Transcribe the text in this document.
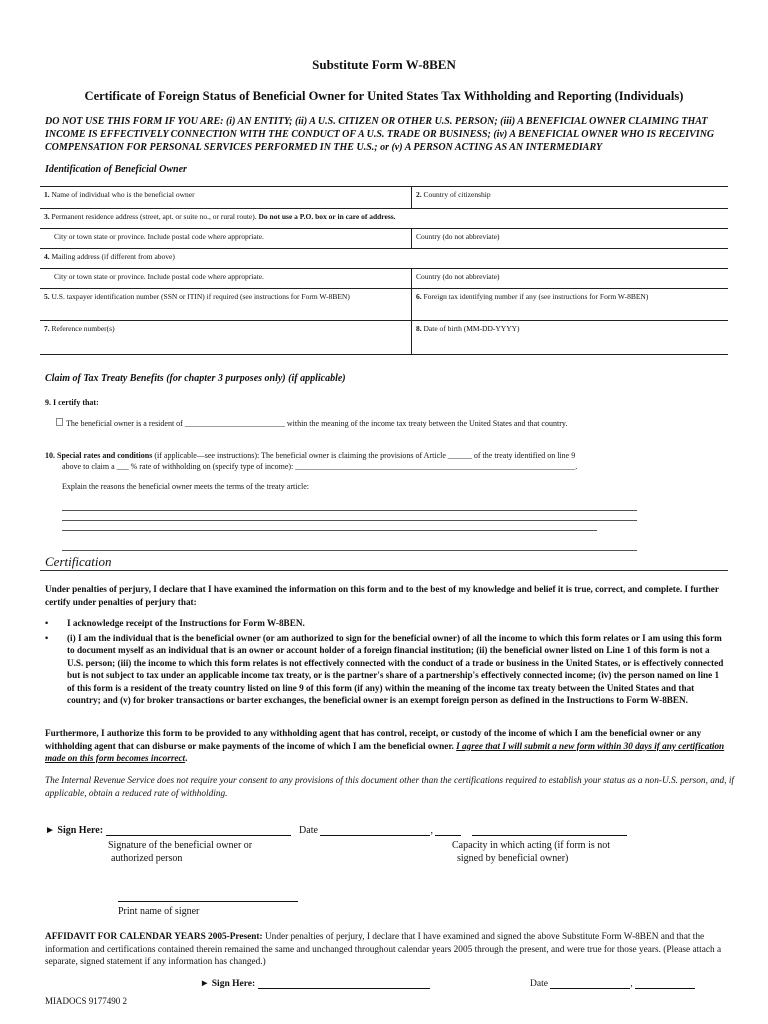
Substitute Form W-8BEN
Certificate of Foreign Status of Beneficial Owner for United States Tax Withholding and Reporting (Individuals)
DO NOT USE THIS FORM IF YOU ARE: (i) AN ENTITY; (ii) A U.S. CITIZEN OR OTHER U.S. PERSON; (iii) A BENEFICIAL OWNER CLAIMING THAT INCOME IS EFFECTIVELY CONNECTION WITH THE CONDUCT OF A U.S. TRADE OR BUSINESS; (iv) A BENEFICIAL OWNER WHO IS RECEIVING COMPENSATION FOR PERSONAL SERVICES PERFORMED IN THE U.S.; or (v) A PERSON ACTING AS AN INTERMEDIARY
Identification of Beneficial Owner
1. Name of individual who is the beneficial owner	2. Country of citizenship
3. Permanent residence address (street, apt. or suite no., or rural route). Do not use a P.O. box or in care of address.	
City or town state or province. Include postal code where appropriate.	Country (do not abbreviate)
4. Mailing address (if different from above)	
City or town state or province. Include postal code where appropriate.	Country (do not abbreviate)
5. U.S. taxpayer identification number (SSN or ITIN) if required (see instructions for Form W-8BEN)	6. Foreign tax identifying number if any (see instructions for Form W-8BEN)
7. Reference number(s)	8. Date of birth (MM-DD-YYYY)
Claim of Tax Treaty Benefits (for chapter 3 purposes only) (if applicable)
9. I certify that:
The beneficial owner is a resident of _________________________ within the meaning of the income tax treaty between the United States and that country.
10. Special rates and conditions (if applicable—see instructions): The beneficial owner is claiming the provisions of Article ______ of the treaty identified on line 9
above to claim a ___ % rate of withholding on (specify type of income): ______________________________________________________________________.
Explain the reasons the beneficial owner meets the terms of the treaty article:
Certification
Under penalties of perjury, I declare that I have examined the information on this form and to the best of my knowledge and belief it is true, correct, and complete. I further certify under penalties of perjury that:
• I acknowledge receipt of the Instructions for Form W-8BEN.
• (i) I am the individual that is the beneficial owner (or am authorized to sign for the beneficial owner) of all the income to which this form relates or I am using this form to document myself as an individual that is an owner or account holder of a foreign financial institution; (ii) the beneficial owner listed on Line 1 of this form is not a U.S. person; (iii) the income to which this form relates is not effectively connected with the conduct of a trade or business in the United States, or is effectively connected but is not subject to tax under an applicable income tax treaty, or is the partner's share of a partnership's effectively connected income; (iv) the person named on line 1 of this form is a resident of the treaty country listed on line 9 of this form (if any) within the meaning of the income tax treaty between the United States and that country; and (v) for broker transactions or barter exchanges, the beneficial owner is an exempt foreign person as defined in the Instructions to Form W-8BEN.
Furthermore, I authorize this form to be provided to any withholding agent that has control, receipt, or custody of the income of which I am the beneficial owner or any withholding agent that can disburse or make payments of the income of which I am the beneficial owner. I agree that I will submit a new form within 30 days if any certification made on this form becomes incorrect.
The Internal Revenue Service does not require your consent to any provisions of this document other than the certifications required to establish your status as a non-U.S. person, and, if applicable, obtain a reduced rate of withholding.
► Sign Here:	Date	,
Signature of the beneficial owner or
authorized person
Capacity in which acting (if form is not
signed by beneficial owner)
Print name of signer
AFFIDAVIT FOR CALENDAR YEARS 2005-Present: Under penalties of perjury, I declare that I have examined and signed the above Substitute Form W-8BEN and that the information and certifications contained therein remained the same and unchanged throughout calendar years 2005 through the present, and were true for those years. (Please attach a separate, signed statement if any information has changed.)
► Sign Here:	Date	,
MIADOCS 9177490 2
